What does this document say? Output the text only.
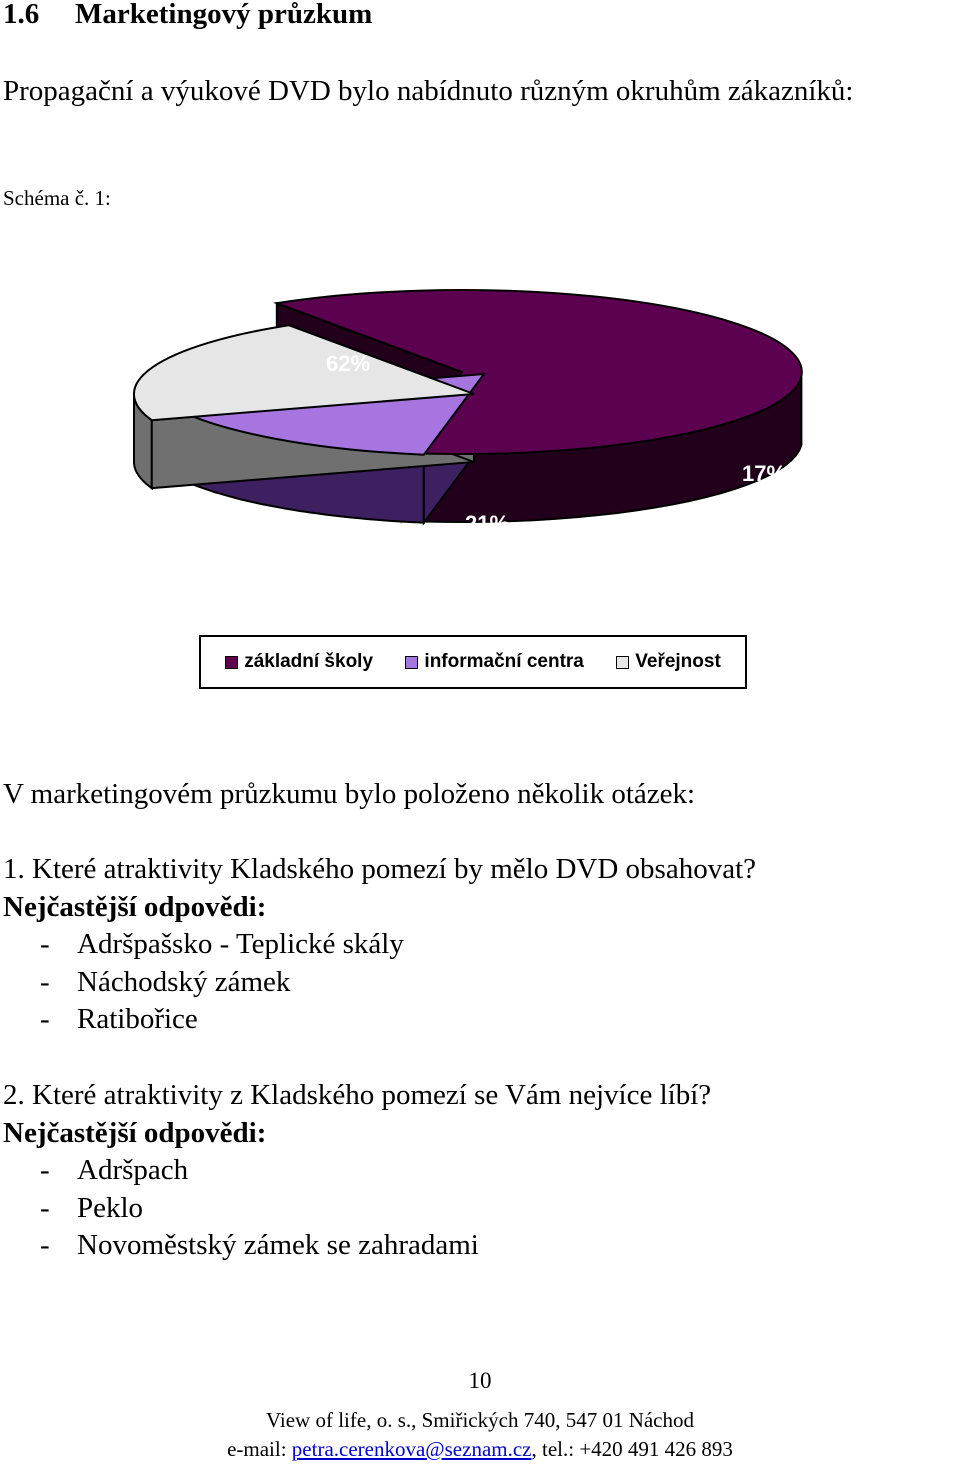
1.6 Marketingový průzkum
Propagační a výukové DVD bylo nabídnuto různým okruhům zákazníků:
Schéma č. 1:
62%
17%
21%
základní školy	informační centra	Veřejnost
V marketingovém průzkumu bylo položeno několik otázek:
1. Které atraktivity Kladského pomezí by mělo DVD obsahovat?
Nejčastější odpovědi:
- Adršpašsko - Teplické skály
- Náchodský zámek
- Ratibořice
2. Které atraktivity z Kladského pomezí se Vám nejvíce líbí?
Nejčastější odpovědi:
- Adršpach
- Peklo
- Novoměstský zámek se zahradami
10
View of life, o. s., Smiřických 740, 547 01 Náchod
e-mail: petra.cerenkova@seznam.cz, tel.: +420 491 426 893
